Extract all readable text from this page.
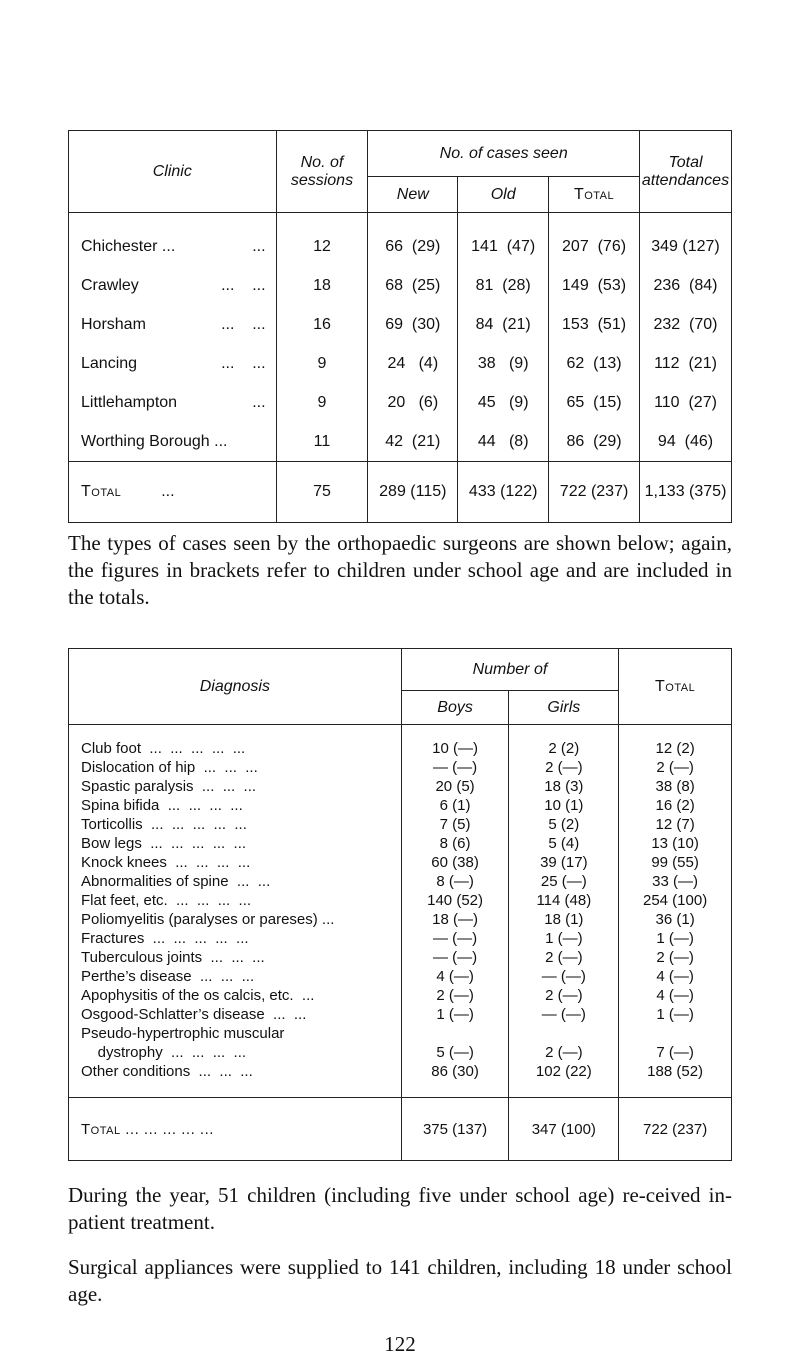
Clinic	No. of sessions	No. of cases seen			Total attendances
		New	Old	Total	
Chichester ... ...	12	66  (29)	141  (47)	207  (76)	349 (127)
Crawley ...    ...	18	68  (25)	81  (28)	149  (53)	236  (84)
Horsham ...    ...	16	69  (30)	84  (21)	153  (51)	232  (70)
Lancing ...    ...	9	24   (4)	38   (9)	62  (13)	112  (21)
Littlehampton ...	9	20   (6)	45   (9)	65  (15)	110  (27)
Worthing Borough ...	11	42  (21)	44   (8)	86  (29)	94  (46)
Total ...	75	289 (115)	433 (122)	722 (237)	1,133 (375)

The types of cases seen by the orthopaedic surgeons are shown below; again, the figures in brackets refer to children under school age and are included in the totals.

Diagnosis	Number of		Total
	Boys	Girls	
Club foot  ...  ...  ...  ...  ...	10 (—)	2 (2)	12 (2)
Dislocation of hip  ...  ...  ...	— (—)	2 (—)	2 (—)
Spastic paralysis  ...  ...  ...	20 (5)	18 (3)	38 (8)
Spina bifida  ...  ...  ...  ...	6 (1)	10 (1)	16 (2)
Torticollis  ...  ...  ...  ...  ...	7 (5)	5 (2)	12 (7)
Bow legs  ...  ...  ...  ...  ...	8 (6)	5 (4)	13 (10)
Knock knees  ...  ...  ...  ...	60 (38)	39 (17)	99 (55)
Abnormalities of spine  ...  ...	8 (—)	25 (—)	33 (—)
Flat feet, etc.  ...  ...  ...  ...	140 (52)	114 (48)	254 (100)
Poliomyelitis (paralyses or pareses) ...	18 (—)	18 (1)	36 (1)
Fractures  ...  ...  ...  ...  ...	— (—)	1 (—)	1 (—)
Tuberculous joints  ...  ...  ...	— (—)	2 (—)	2 (—)
Perthe’s disease  ...  ...  ...	4 (—)	— (—)	4 (—)
Apophysitis of the os calcis, etc.  ...	2 (—)	2 (—)	4 (—)
Osgood-Schlatter’s disease  ...  ...	1 (—)	— (—)	1 (—)
Pseudo-hypertrophic muscular			
dystrophy  ...  ...  ...  ...	5 (—)	2 (—)	7 (—)
Other conditions  ...  ...  ...	86 (30)	102 (22)	188 (52)
Total ... ... ... ... ...	375 (137)	347 (100)	722 (237)

During the year, 51 children (including five under school age) re-ceived in-patient treatment.

Surgical appliances were supplied to 141 children, including 18 under school age.

122
